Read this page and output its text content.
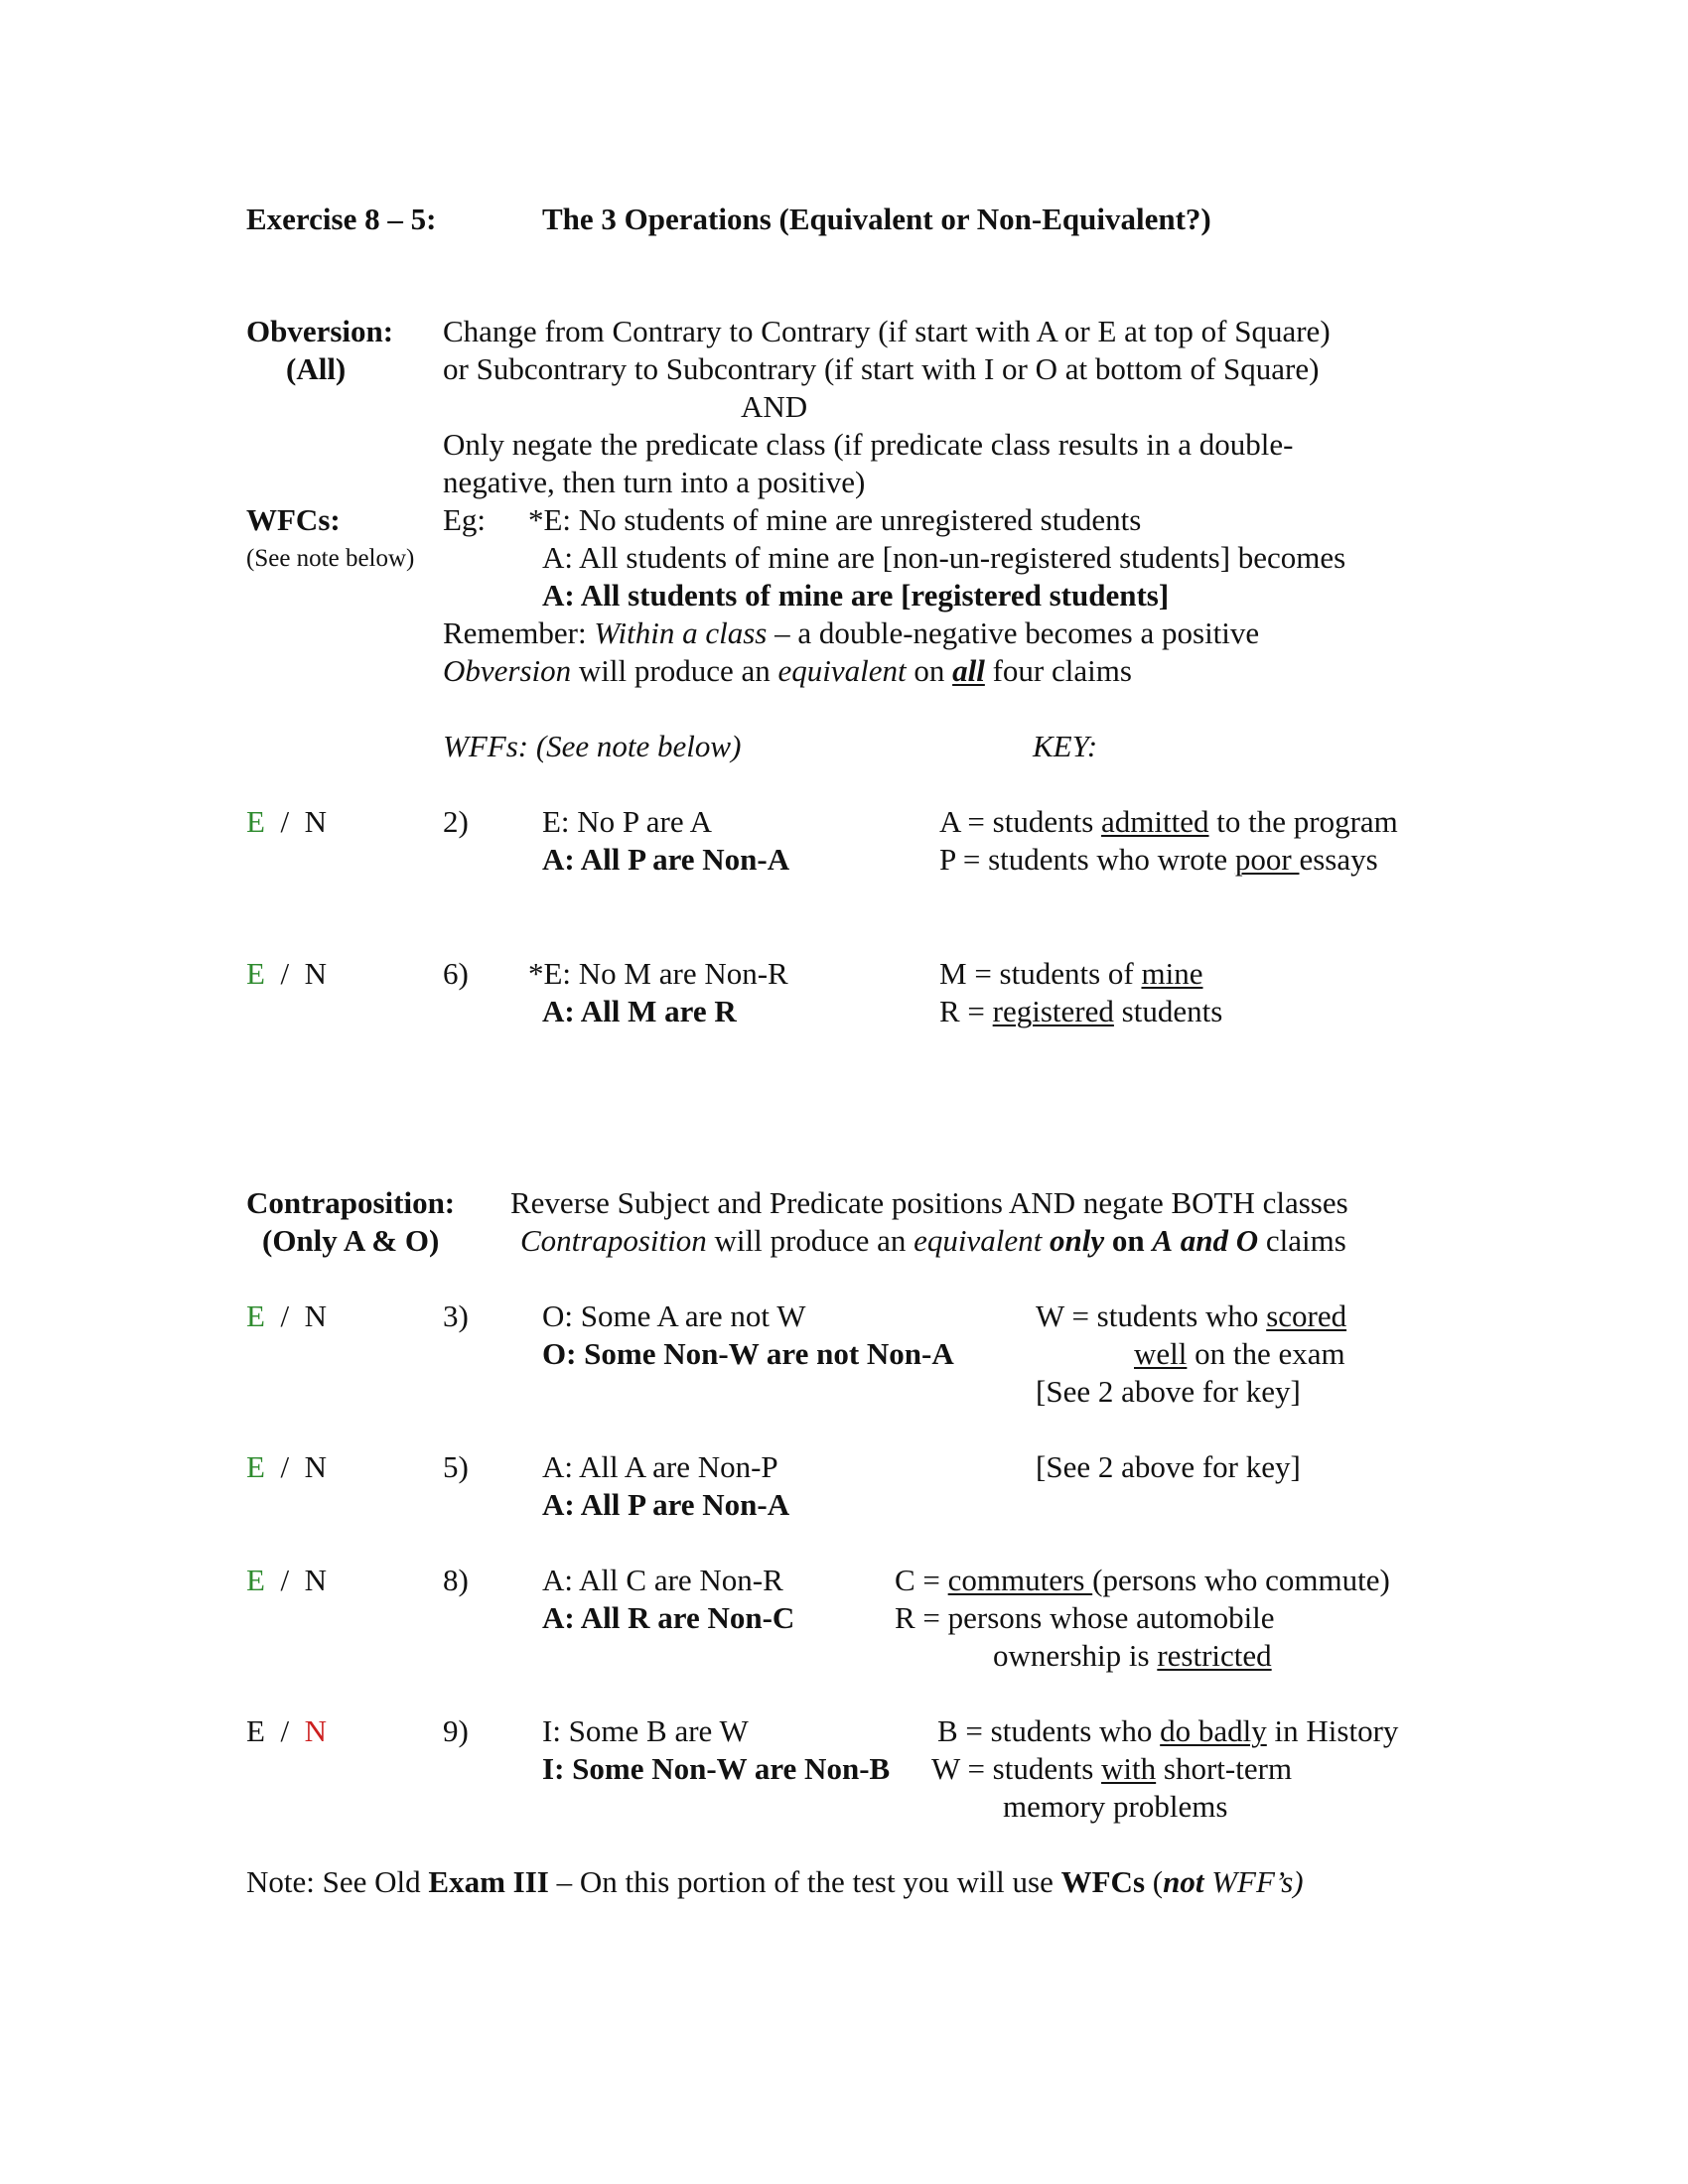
Exercise 8 – 5:	The 3 Operations (Equivalent or Non-Equivalent?)
Obversion:
(All)
Change from Contrary to Contrary (if start with A or E at top of Square)
or Subcontrary to Subcontrary (if start with I or O at bottom of Square)
AND
Only negate the predicate class (if predicate class results in a double-
negative, then turn into a positive)
WFCs:
(See note below)
Eg: *E: No students of mine are unregistered students
A: All students of mine are [non-un-registered students] becomes
A: All students of mine are [registered students]
Remember: Within a class – a double-negative becomes a positive
Obversion will produce an equivalent on all four claims
WFFs: (See note below)	KEY:
E / N	2) E: No P are A
A: All P are Non-A
A = students admitted to the program
P = students who wrote poor essays
E / N	6) *E: No M are Non-R
A: All M are R
M = students of mine
R = registered students
Contraposition:
(Only A & O)
Reverse Subject and Predicate positions AND negate BOTH classes
Contraposition will produce an equivalent only on A and O claims
E / N	3) O: Some A are not W
O: Some Non-W are not Non-A
W = students who scored
well on the exam
[See 2 above for key]
E / N	5) A: All A are Non-P
A: All P are Non-A
[See 2 above for key]
E / N	8) A: All C are Non-R
A: All R are Non-C
C = commuters (persons who commute)
R = persons whose automobile
ownership is restricted
E / N	9) I: Some B are W
I: Some Non-W are Non-B
B = students who do badly in History
W = students with short-term
memory problems
Note: See Old Exam III – On this portion of the test you will use WFCs (not WFF’s)
